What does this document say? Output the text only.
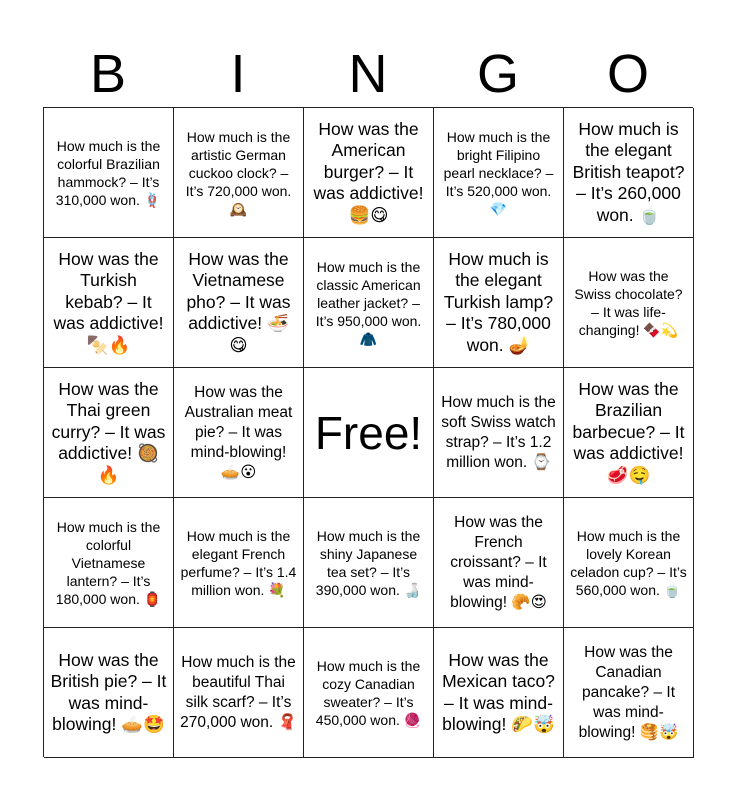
B	I	N	G	O
How much is the colorful Brazilian hammock? – It’s 310,000 won. 🪢
How much is the artistic German cuckoo clock? – It’s 720,000 won. 🕰️
How was the American burger? – It was addictive! 🍔😋
How much is the bright Filipino pearl necklace? – It’s 520,000 won. 💎
How much is the elegant British teapot? – It’s 260,000 won. 🍵
How was the Turkish kebab? – It was addictive! 🍢🔥
How was the Vietnamese pho? – It was addictive! 🍜😋
How much is the classic American leather jacket? – It’s 950,000 won. 🧥
How much is the elegant Turkish lamp? – It’s 780,000 won. 🪔
How was the Swiss chocolate? – It was life-changing! 🍫💫
How was the Thai green curry? – It was addictive! 🥘🔥
How was the Australian meat pie? – It was mind-blowing! 🥧😮
Free!
How much is the soft Swiss watch strap? – It’s 1.2 million won. ⌚
How was the Brazilian barbecue? – It was addictive! 🥩🤤
How much is the colorful Vietnamese lantern? – It’s 180,000 won. 🏮
How much is the elegant French perfume? – It’s 1.4 million won. 💐
How much is the shiny Japanese tea set? – It’s 390,000 won. 🍶
How was the French croissant? – It was mind-blowing! 🥐😍
How much is the lovely Korean celadon cup? – It’s 560,000 won. 🍵
How was the British pie? – It was mind-blowing! 🥧🤩
How much is the beautiful Thai silk scarf? – It’s 270,000 won. 🧣
How much is the cozy Canadian sweater? – It’s 450,000 won. 🧶
How was the Mexican taco? – It was mind-blowing! 🌮🤯
How was the Canadian pancake? – It was mind-blowing! 🥞🤯
